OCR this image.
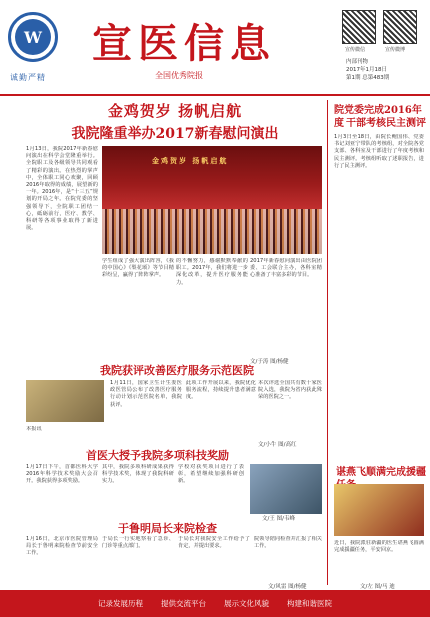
W
诚勤严精
宣医信息
全国优秀院报
宣传微信	宣传微博
内部刊物
2017年1月18日
第1期 总第483期
金鸡贺岁 扬帆启航
我院隆重举办2017新春慰问演出
1月13日，我院2017年新春慰问演出在科学会堂隆重举行。全院职工及各级领导共同观看了精彩的演出。在热烈的掌声中，全体职工同心欢聚，回顾2016年取得的成绩，展望新的一年。2016年，是“十三五”规划的开局之年。在院党委的坚强领导下，全院职工团结一心，砥砺前行，医疗、教学、科研等各项事业取得了新进展。
金鸡贺岁 扬帆启航
学生组成了强大演出阵容，《我的中国心》《梨花颂》等节目精彩纷呈，赢得了阵阵掌声。
的不懈努力，感谢默默奉献的职工。2017年，我们将进一步深化改革，提升医疗服务能力。
2017年新春慰问演出由医院团委、工会联合主办，各科室精心准备了丰富多彩的节目。
文/于涛 图/杨健
我院获评改善医疗服务示范医院
本报讯
1月11日，国家卫生计生委医政医管局公布了改善医疗服务行动计划示范医院名单，我院获评。
此项工作开展以来，我院优化服务流程，持续提升患者满意度。
本次评选全国共有数十家医院入选，我院为省内获此殊荣的医院之一。
文/小牛 图/高红
首医大授予我院多项科技奖励
1月17日下午，首都医科大学2016年科学技术奖励大会召开。我院获得多项奖励。
其中，我院多项科研成果获得科学技术奖，体现了我院科研实力。
学校对获奖项目进行了表彰，希望继续加强科研创新。
文/王 图/韦峰
于鲁明局长来院检查
1月16日，北京市医院管理局局长于鲁明来院检查节前安全工作。
于局长一行实地察看了急诊、门诊等重点部门。
于局长对我院安全工作给予了肯定，并提出要求。
院领导陪同检查并汇报了相关工作。
文/风雷 图/杨健
院党委完成2016年度 干部考核民主测评
1月3日至18日，由院长鲍国伟、党委书记刘亚宁带队的考核组，对全院各党支部、各科室及干部进行了年度考核和民主测评。考核组听取了述职报告，进行了民主测评。
谌燕飞顺满完成援疆
近日，我院派驻新疆的医生谌燕飞圆满完成援疆任务，平安回京。
文/左 图/马 迪
记录发展历程 提供交流平台 展示文化风貌 构建和谐医院
